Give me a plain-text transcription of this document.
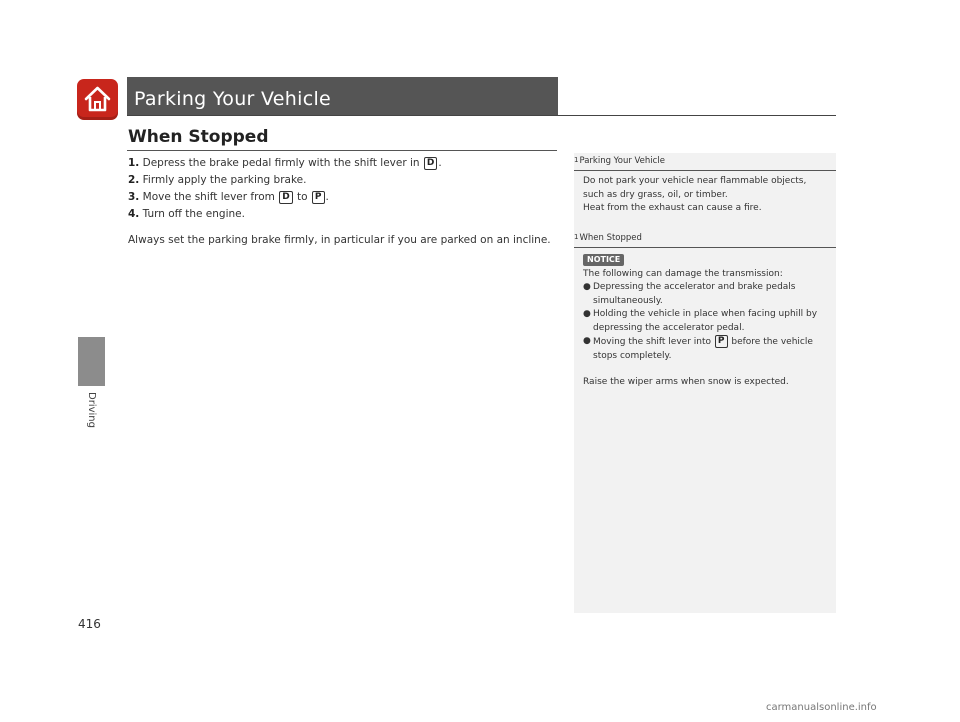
Parking Your Vehicle
Driving
When Stopped
1. Depress the brake pedal firmly with the shift lever in D .
2. Firmly apply the parking brake.
3. Move the shift lever from D to P .
4. Turn off the engine.
Always set the parking brake firmly, in particular if you are parked on an incline.
1Parking Your Vehicle

Do not park your vehicle near flammable objects,

such as dry grass, oil, or timber.

Heat from the exhaust can cause a fire.

1When Stopped

NOTICE

The following can damage the transmission:

● Depressing the accelerator and brake pedals
simultaneously.

● Holding the vehicle in place when facing uphill by
depressing the accelerator pedal.

● Moving the shift lever into P before the vehicle
stops completely.

Raise the wiper arms when snow is expected.

416
carmanualsonline.info
